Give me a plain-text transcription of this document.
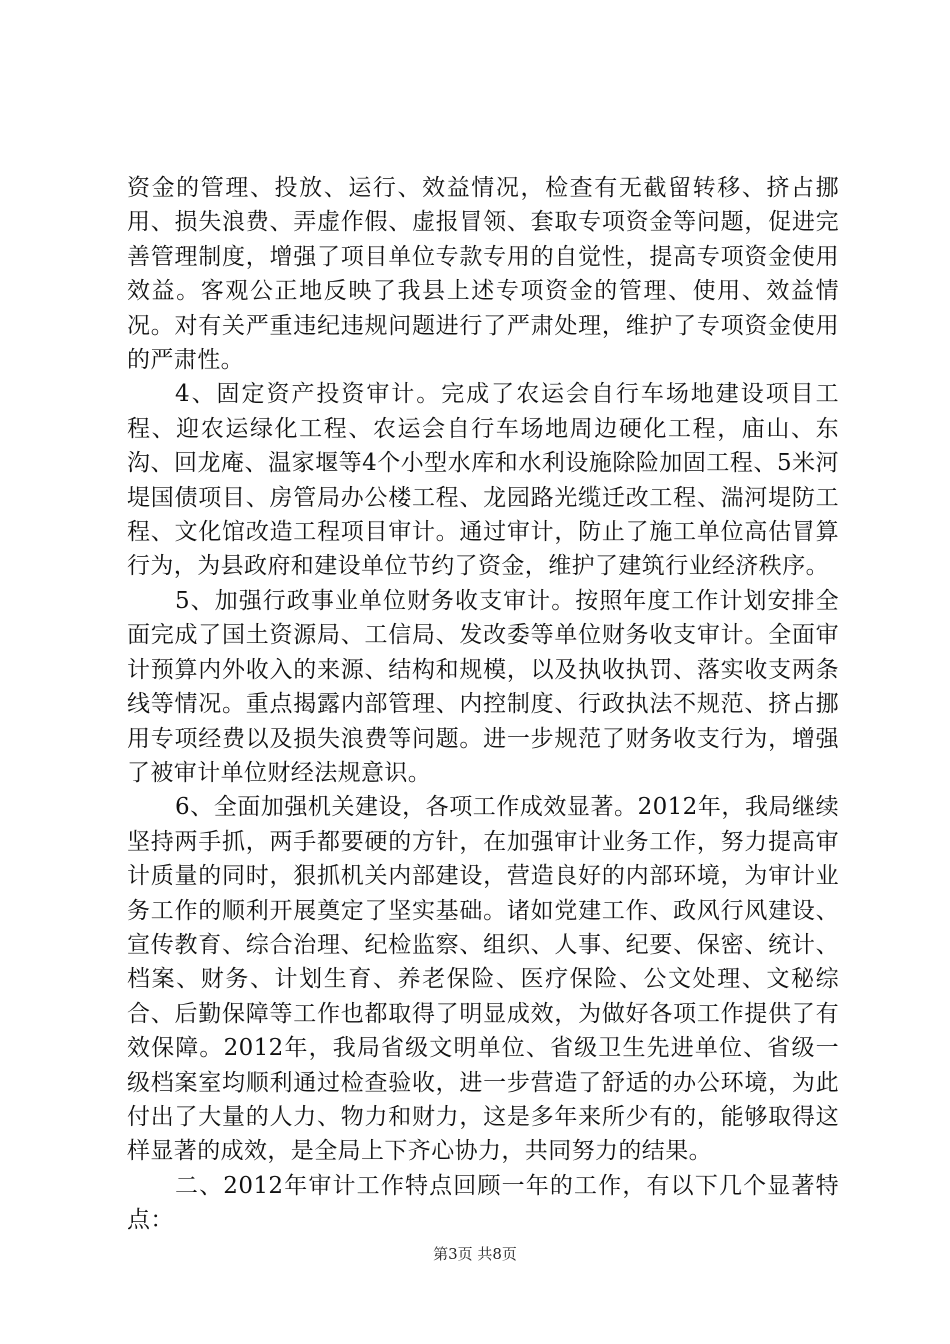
资金的管理、投放、运行、效益情况，检查有无截留转移、挤占挪用、损失浪费、弄虚作假、虚报冒领、套取专项资金等问题，促进完善管理制度，增强了项目单位专款专用的自觉性，提高专项资金使用效益。客观公正地反映了我县上述专项资金的管理、使用、效益情况。对有关严重违纪违规问题进行了严肃处理，维护了专项资金使用的严肃性。

4、固定资产投资审计。完成了农运会自行车场地建设项目工程、迎农运绿化工程、农运会自行车场地周边硬化工程，庙山、东沟、回龙庵、温家堰等4个小型水库和水利设施除险加固工程、5米河堤国债项目、房管局办公楼工程、龙园路光缆迁改工程、湍河堤防工程、文化馆改造工程项目审计。通过审计，防止了施工单位高估冒算行为，为县政府和建设单位节约了资金，维护了建筑行业经济秩序。

5、加强行政事业单位财务收支审计。按照年度工作计划安排全面完成了国土资源局、工信局、发改委等单位财务收支审计。全面审计预算内外收入的来源、结构和规模，以及执收执罚、落实收支两条线等情况。重点揭露内部管理、内控制度、行政执法不规范、挤占挪用专项经费以及损失浪费等问题。进一步规范了财务收支行为，增强了被审计单位财经法规意识。

6、全面加强机关建设，各项工作成效显著。2012年，我局继续坚持两手抓，两手都要硬的方针，在加强审计业务工作，努力提高审计质量的同时，狠抓机关内部建设，营造良好的内部环境，为审计业务工作的顺利开展奠定了坚实基础。诸如党建工作、政风行风建设、宣传教育、综合治理、纪检监察、组织、人事、纪要、保密、统计、档案、财务、计划生育、养老保险、医疗保险、公文处理、文秘综合、后勤保障等工作也都取得了明显成效，为做好各项工作提供了有效保障。2012年，我局省级文明单位、省级卫生先进单位、省级一级档案室均顺利通过检查验收，进一步营造了舒适的办公环境，为此付出了大量的人力、物力和财力，这是多年来所少有的，能够取得这样显著的成效，是全局上下齐心协力，共同努力的结果。

二、2012年审计工作特点回顾一年的工作，有以下几个显著特点：

第3页 共8页
